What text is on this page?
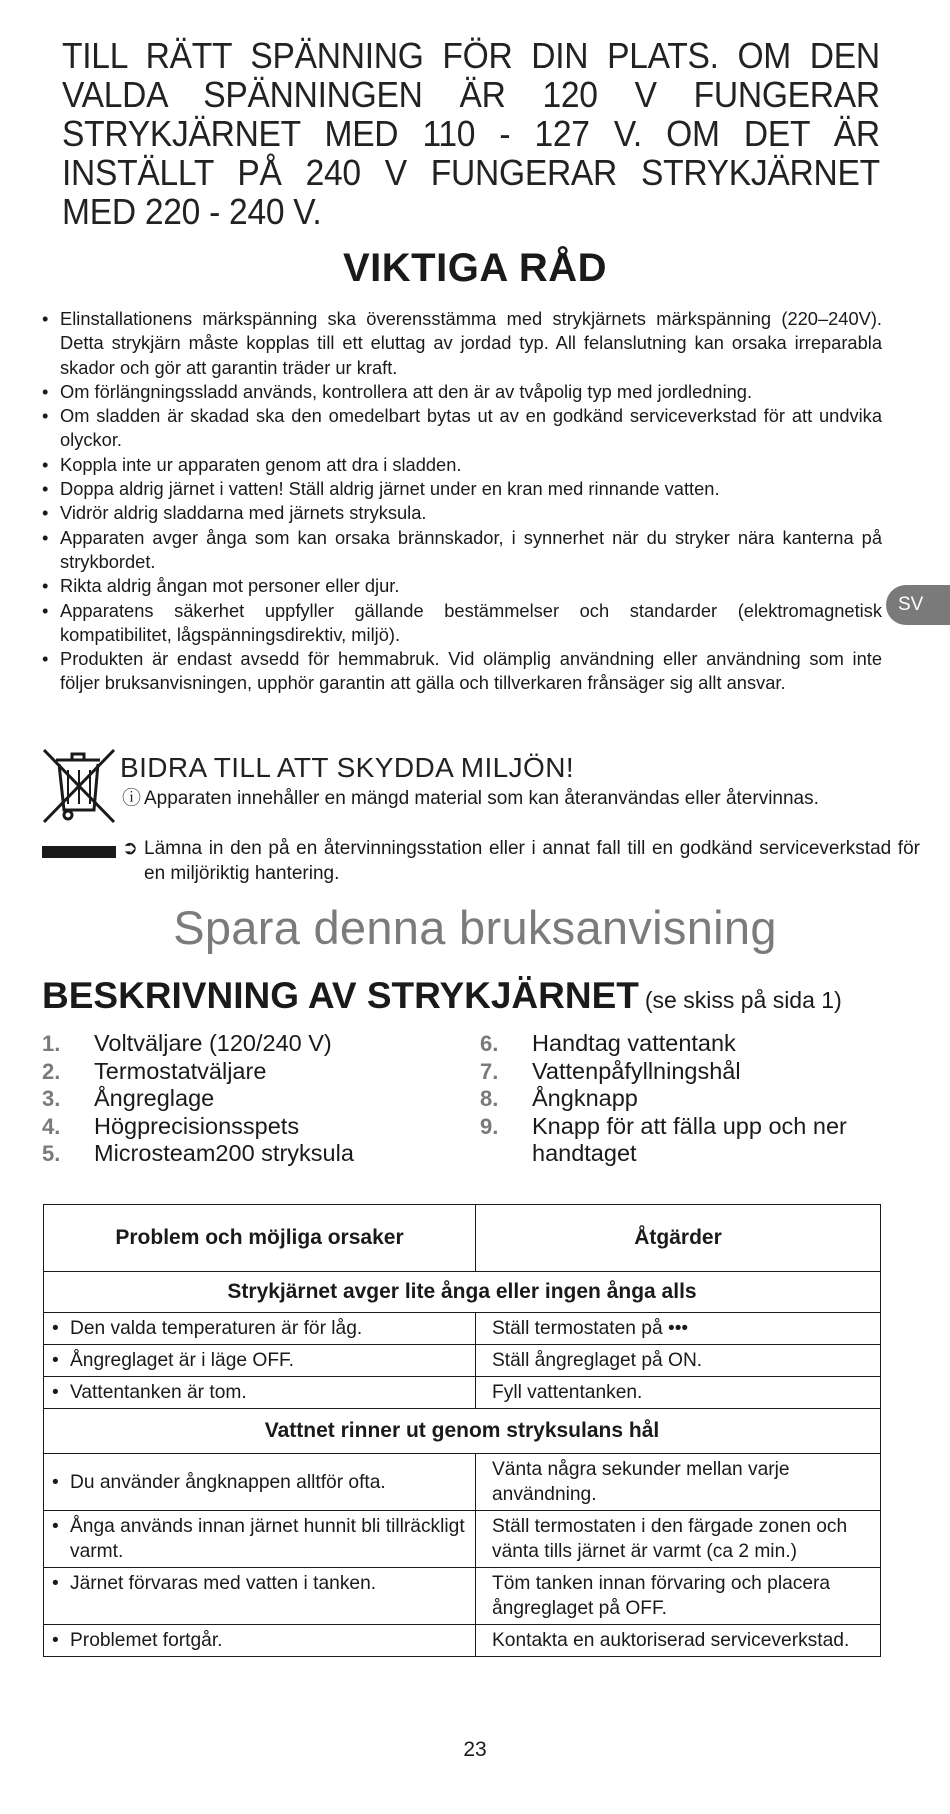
TILL RÄTT SPÄNNING FÖR DIN PLATS. OM DEN VALDA SPÄNNINGEN ÄR 120 V FUNGERAR STRYKJÄRNET MED 110 - 127 V. OM DET ÄR INSTÄLLT PÅ 240 V FUNGERAR STRYKJÄRNET MED 220 - 240 V.
VIKTIGA RÅD
• Elinstallationens märkspänning ska överensstämma med strykjärnets märkspänning (220–240V). Detta strykjärn måste kopplas till ett eluttag av jordad typ. All felanslutning kan orsaka irreparabla skador och gör att garantin träder ur kraft.
• Om förlängningssladd används, kontrollera att den är av tvåpolig typ med jordledning.
• Om sladden är skadad ska den omedelbart bytas ut av en godkänd serviceverkstad för att undvika olyckor.
• Koppla inte ur apparaten genom att dra i sladden.
• Doppa aldrig järnet i vatten! Ställ aldrig järnet under en kran med rinnande vatten.
• Vidrör aldrig sladdarna med järnets stryksula.
• Apparaten avger ånga som kan orsaka brännskador, i synnerhet när du stryker nära kanterna på strykbordet.
• Rikta aldrig ångan mot personer eller djur.
• Apparatens säkerhet uppfyller gällande bestämmelser och standarder (elektromagnetisk kompatibilitet, lågspänningsdirektiv, miljö).
• Produkten är endast avsedd för hemmabruk. Vid olämplig användning eller användning som inte följer bruksanvisningen, upphör garantin att gälla och tillverkaren frånsäger sig allt ansvar.
SV
BIDRA TILL ATT SKYDDA MILJÖN!
ⓘ Apparaten innehåller en mängd material som kan återanvändas eller återvinnas.
➲ Lämna in den på en återvinningsstation eller i annat fall till en godkänd serviceverkstad för en miljöriktig hantering.
Spara denna bruksanvisning
BESKRIVNING AV STRYKJÄRNET (se skiss på sida 1)
1.	Voltväljare (120/240 V)
2.	Termostatväljare
3.	Ångreglage
4.	Högprecisionsspets
5.	Microsteam200 stryksula
6.	Handtag vattentank
7.	Vattenpåfyllningshål
8.	Ångknapp
9.	Knapp för att fälla upp och ner handtaget
Problem och möjliga orsaker	Åtgärder
Strykjärnet avger lite ånga eller ingen ånga alls	
• Den valda temperaturen är för låg.	Ställ termostaten på •••
• Ångreglaget är i läge OFF.	Ställ ångreglaget på ON.
• Vattentanken är tom.	Fyll vattentanken.
Vattnet rinner ut genom stryksulans hål	
• Du använder ångknappen alltför ofta.	Vänta några sekunder mellan varje användning.
• Ånga används innan järnet hunnit bli tillräckligt varmt.	Ställ termostaten i den färgade zonen och vänta tills järnet är varmt (ca 2 min.)
• Järnet förvaras med vatten i tanken.	Töm tanken innan förvaring och placera ångreglaget på OFF.
• Problemet fortgår.	Kontakta en auktoriserad serviceverkstad.
23
